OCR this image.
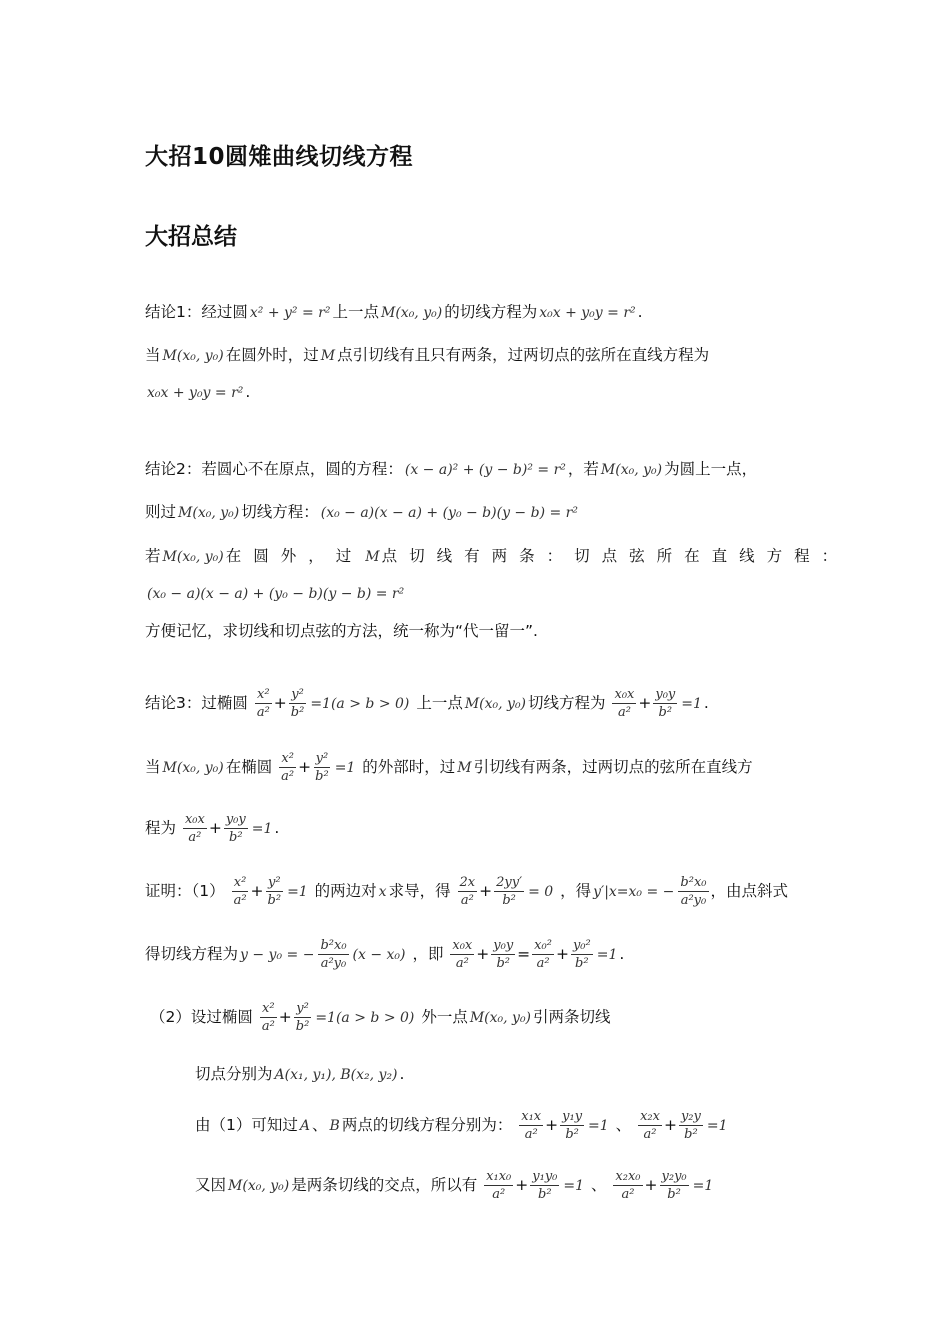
大招10圆雉曲线切线方程
大招总结
结论1：经过圆 x² + y² = r² 上一点 M(x₀, y₀) 的切线方程为 x₀x + y₀y = r² .
当 M(x₀, y₀) 在圆外时，过 M 点引切线有且只有两条，过两切点的弦所在直线方程为
x₀x + y₀y = r² .
结论2：若圆心不在原点，圆的方程： (x − a)² + (y − b)² = r² ，若 M(x₀, y₀) 为圆上一点，
则过 M(x₀, y₀) 切线方程： (x₀ − a)(x − a) + (y₀ − b)(y − b) = r²
若 M(x₀, y₀) 在圆外，过 M 点切线有两条：切点弦所在直线方程：
(x₀ − a)(x − a) + (y₀ − b)(y − b) = r²
方便记忆，求切线和切点弦的方法，统一称为“代一留一”.
结论3：过椭圆 $\frac{\text{x²}}{\text{a²}} + \frac{\text{y²}}{\text{b²}} =1(a > b > 0)$ 上一点 M(x₀, y₀) 切线方程为 $\frac{\text{x₀x}}{\text{a²}} + \frac{\text{y₀y}}{\text{b²}} =1$ .
当 M(x₀, y₀) 在椭圆 $\frac{\text{x²}}{\text{a²}} + \frac{\text{y²}}{\text{b²}} =1$ 的外部时，过 M 引切线有两条，过两切点的弦所在直线方
程为 $\frac{\text{x₀x}}{\text{a²}} + \frac{\text{y₀y}}{\text{b²}} =1$ .
证明：$(1) \frac{\text{x²}}{\text{a²}} + \frac{\text{y²}}{\text{b²}} =1$ 的两边对 x 求导，得 $\frac{2x}{\text{a²}} + \frac{2yy'}{\text{b²}} = 0$ ，得 y′|x=x₀ = − $\frac{\text{b²x₀}}{\text{a²y₀}}$ ，由点斜式
得切线方程为 y − y₀ = − $\frac{\text{b²x₀}}{\text{a²y₀}} (x - x_0)$ ，即 $\frac{\text{x₀x}}{\text{a²}} + \frac{\text{y₀y}}{\text{b²}} = \frac{\text{x₀²}}{\text{a²}} + \frac{\text{y₀²}}{\text{b²}} =1$ .
（2）设过椭圆 $\frac{\text{x²}}{\text{a²}} + \frac{\text{y²}}{\text{b²}} =1(a > b > 0)$ 外一点 M(x₀, y₀) 引两条切线
切点分别为 A(x₁, y₁), B(x₂, y₂) .
由（1）可知过 A 、 B 两点的切线方程分别为： $\frac{\text{x₁x}}{\text{a²}} + \frac{\text{y₁y}}{\text{b²}} =1$ 、 $\frac{\text{x₂x}}{\text{a²}} + \frac{\text{y₂y}}{\text{b²}} =1$
又因 M(x₀, y₀) 是两条切线的交点，所以有 $\frac{\text{x₁x₀}}{\text{a²}} + \frac{\text{y₁y₀}}{\text{b²}} =1$ 、 $\frac{\text{x₂x₀}}{\text{a²}} + \frac{\text{y₂y₀}}{\text{b²}} =1$
